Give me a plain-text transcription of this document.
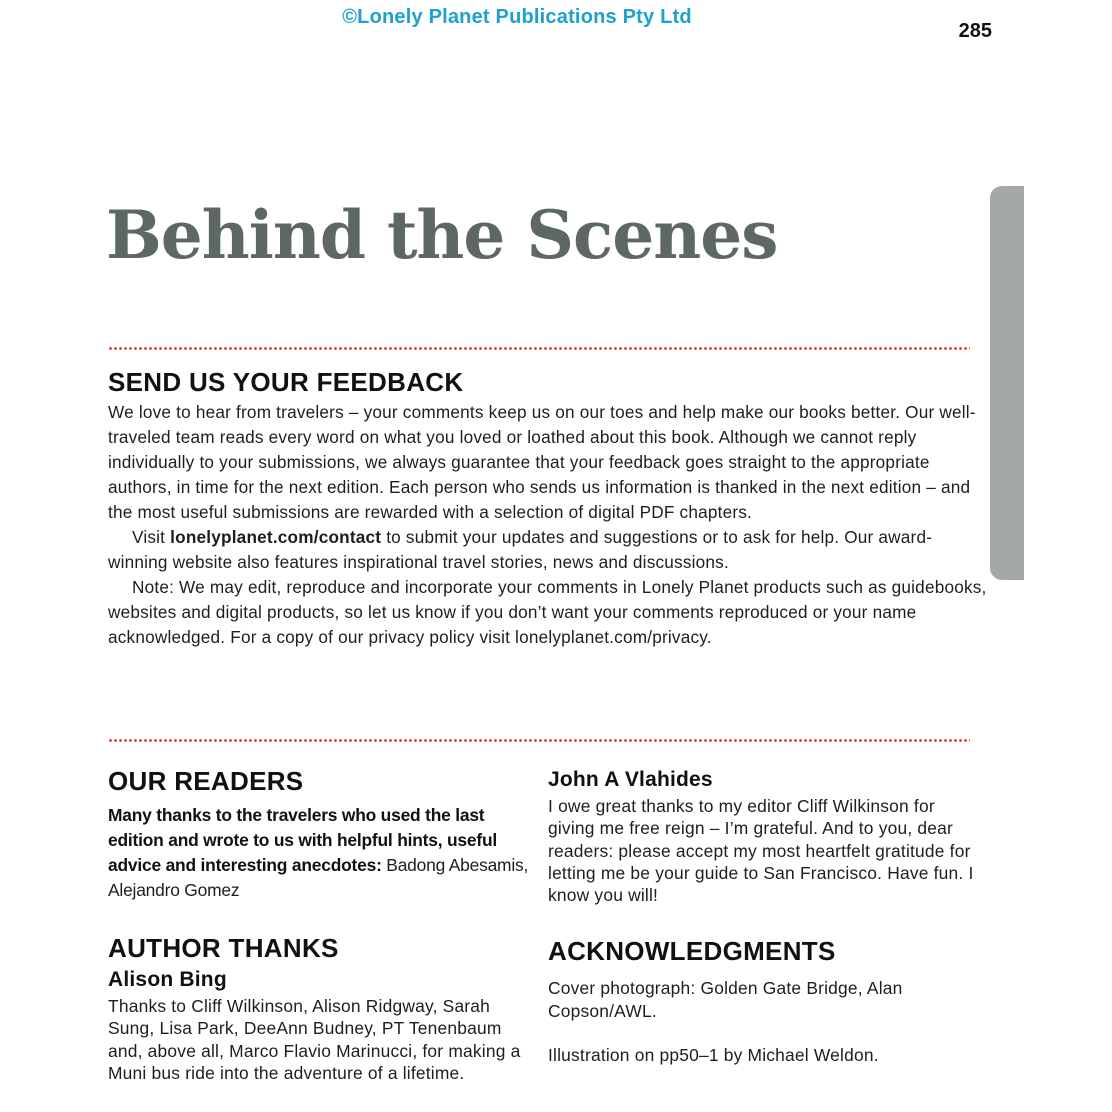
©Lonely Planet Publications Pty Ltd
285
Behind the Scenes
SEND US YOUR FEEDBACK

We love to hear from travelers – your comments keep us on our toes and help make our books better. Our well-traveled team reads every word on what you loved or loathed about this book. Although we cannot reply individually to your submissions, we always guarantee that your feedback goes straight to the appropriate authors, in time for the next edition. Each person who sends us information is thanked in the next edition – and the most useful submissions are rewarded with a selection of digital PDF chapters.

Visit lonelyplanet.com/contact to submit your updates and suggestions or to ask for help. Our award-winning website also features inspirational travel stories, news and discussions.

Note: We may edit, reproduce and incorporate your comments in Lonely Planet products such as guidebooks, websites and digital products, so let us know if you don’t want your comments reproduced or your name acknowledged. For a copy of our privacy policy visit lonelyplanet.com/privacy.

OUR READERS

Many thanks to the travelers who used the last edition and wrote to us with helpful hints, useful advice and interesting anecdotes: Badong Abesamis, Alejandro Gomez

AUTHOR THANKS
Alison Bing

Thanks to Cliff Wilkinson, Alison Ridgway, Sarah Sung, Lisa Park, DeeAnn Budney, PT Tenenbaum and, above all, Marco Flavio Marinucci, for making a Muni bus ride into the adventure of a lifetime.

John A Vlahides

I owe great thanks to my editor Cliff Wilkinson for giving me free reign – I’m grateful. And to you, dear readers: please accept my most heartfelt gratitude for letting me be your guide to San Francisco. Have fun. I know you will!

ACKNOWLEDGMENTS

Cover photograph: Golden Gate Bridge, Alan Copson/AWL.

Illustration on pp50–1 by Michael Weldon.
